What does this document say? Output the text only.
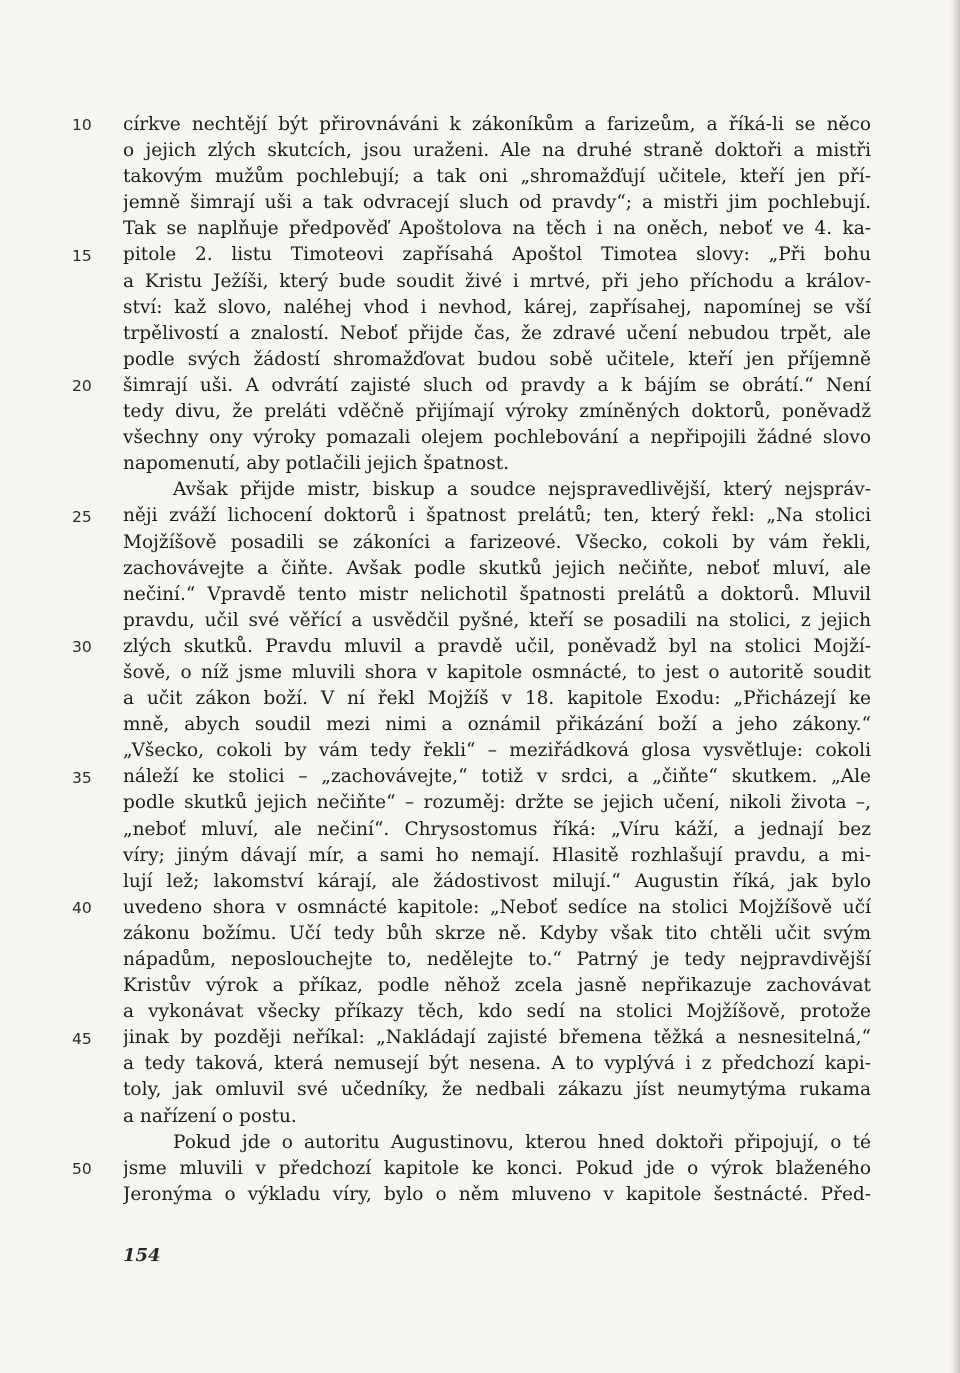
10
15
20
25
30
35
40
45
50
církve nechtějí být přirovnáváni k zákoníkům a farizeům, a říká-li se něco
o jejich zlých skutcích, jsou uraženi. Ale na druhé straně doktoři a mistři
takovým mužům pochlebují; a tak oni „shromažďují učitele, kteří jen pří-
jemně šimrají uši a tak odvracejí sluch od pravdy“; a mistři jim pochlebují.
Tak se naplňuje předpověď Apoštolova na těch i na oněch, neboť ve 4. ka-
pitole 2. listu Timoteovi zapřísahá Apoštol Timotea slovy: „Při bohu
a Kristu Ježíši, který bude soudit živé i mrtvé, při jeho příchodu a králov-
ství: kaž slovo, naléhej vhod i nevhod, kárej, zapřísahej, napomínej se vší
trpělivostí a znalostí. Neboť přijde čas, že zdravé učení nebudou trpět, ale
podle svých žádostí shromažďovat budou sobě učitele, kteří jen příjemně
šimrají uši. A odvrátí zajisté sluch od pravdy a k bájím se obrátí.“ Není
tedy divu, že preláti vděčně přijímají výroky zmíněných doktorů, poněvadž
všechny ony výroky pomazali olejem pochlebování a nepřipojili žádné slovo
napomenutí, aby potlačili jejich špatnost.
Avšak přijde mistr, biskup a soudce nejspravedlivější, který nejspráv-
něji zváží lichocení doktorů i špatnost prelátů; ten, který řekl: „Na stolici
Mojžíšově posadili se zákoníci a farizeové. Všecko, cokoli by vám řekli,
zachovávejte a čiňte. Avšak podle skutků jejich nečiňte, neboť mluví, ale
nečiní.“ Vpravdě tento mistr nelichotil špatnosti prelátů a doktorů. Mluvil
pravdu, učil své věřící a usvědčil pyšné, kteří se posadili na stolici, z jejich
zlých skutků. Pravdu mluvil a pravdě učil, poněvadž byl na stolici Mojží-
šově, o níž jsme mluvili shora v kapitole osmnácté, to jest o autoritě soudit
a učit zákon boží. V ní řekl Mojžíš v 18. kapitole Exodu: „Přicházejí ke
mně, abych soudil mezi nimi a oznámil přikázání boží a jeho zákony.“
„Všecko, cokoli by vám tedy řekli“ – meziřádková glosa vysvětluje: cokoli
náleží ke stolici – „zachovávejte,“ totiž v srdci, a „čiňte“ skutkem. „Ale
podle skutků jejich nečiňte“ – rozuměj: držte se jejich učení, nikoli života –,
„neboť mluví, ale nečiní“. Chrysostomus říká: „Víru káží, a jednají bez
víry; jiným dávají mír, a sami ho nemají. Hlasitě rozhlašují pravdu, a mi-
lují lež; lakomství kárají, ale žádostivost milují.“ Augustin říká, jak bylo
uvedeno shora v osmnácté kapitole: „Neboť sedíce na stolici Mojžíšově učí
zákonu božímu. Učí tedy bůh skrze ně. Kdyby však tito chtěli učit svým
nápadům, neposlouchejte to, nedělejte to.“ Patrný je tedy nejpravdivější
Kristův výrok a příkaz, podle něhož zcela jasně nepřikazuje zachovávat
a vykonávat všecky příkazy těch, kdo sedí na stolici Mojžíšově, protože
jinak by později neříkal: „Nakládají zajisté břemena těžká a nesnesitelná,“
a tedy taková, která nemusejí být nesena. A to vyplývá i z předchozí kapi-
toly, jak omluvil své učedníky, že nedbali zákazu jíst neumytýma rukama
a nařízení o postu.
Pokud jde o autoritu Augustinovu, kterou hned doktoři připojují, o té
jsme mluvili v předchozí kapitole ke konci. Pokud jde o výrok blaženého
Jeronýma o výkladu víry, bylo o něm mluveno v kapitole šestnácté. Před-
154
